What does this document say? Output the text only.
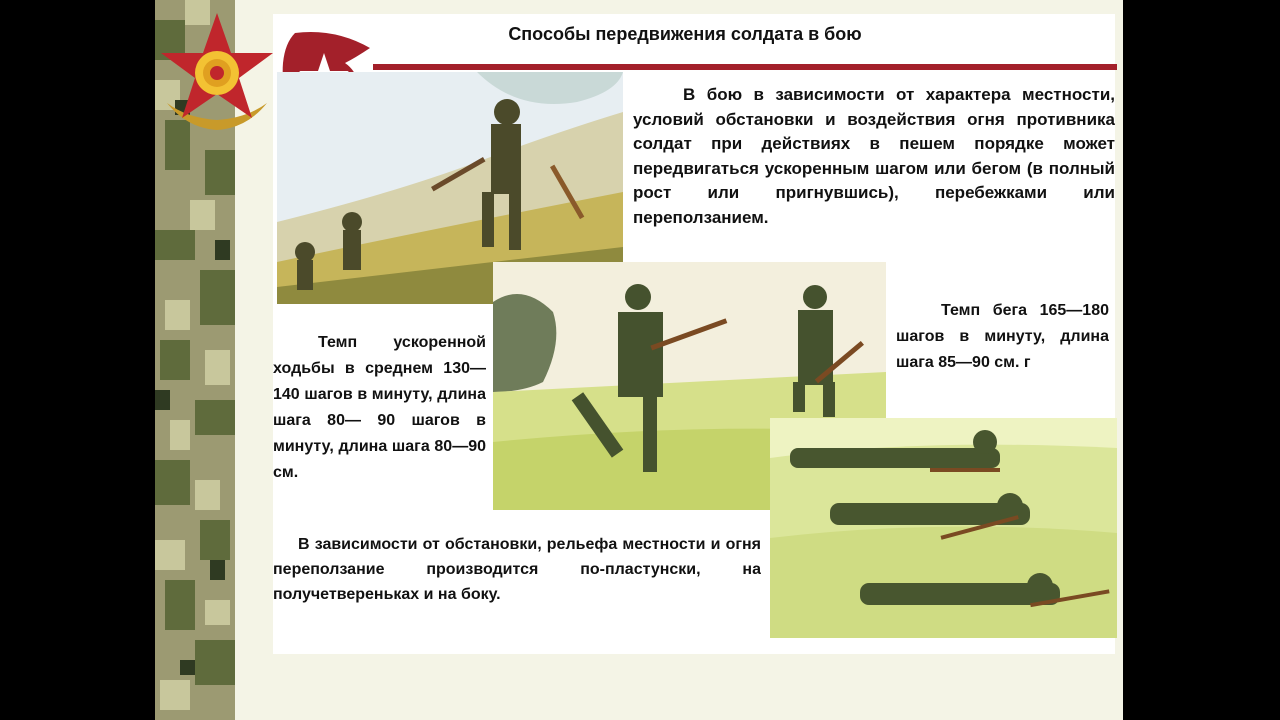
Способы передвижения солдата в бою
В бою в зависимости от характера местности, условий обстановки и воздействия огня противника солдат при действиях в пешем порядке может передвигаться ускоренным шагом или бегом (в полный рост или пригнувшись), перебежками или переползанием.
Темп ускоренной ходьбы в среднем 130—140 шагов в минуту, длина шага 80— 90 шагов в минуту, длина шага 80—90 см.
Темп бега 165—180 шагов в минуту, длина шага 85—90 см. г
В зависимости от обстановки, рельефа местности и огня переползание производится по-пластунски, на получетвереньках и на боку.
